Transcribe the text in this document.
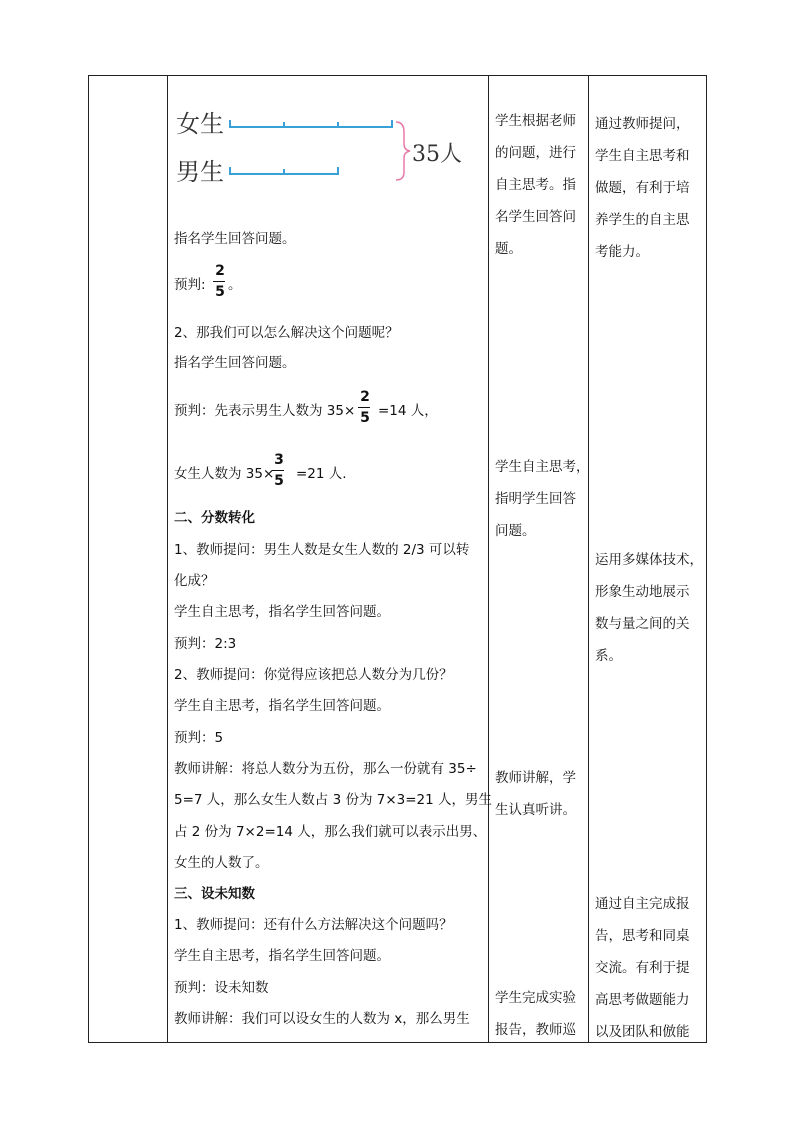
女生
男生
35人
指名学生回答问题。
预判:
2
5 。
2、那我们可以怎么解决这个问题呢？
指名学生回答问题。
预判：先表示男生人数为 35×
2
5 =14 人，
女生人数为 35×
3
5 =21 人.
二、分数转化
1、教师提问：男生人数是女生人数的 2/3 可以转
化成？
学生自主思考，指名学生回答问题。
预判：2:3
2、教师提问：你觉得应该把总人数分为几份？
学生自主思考，指名学生回答问题。
预判：5
教师讲解：将总人数分为五份，那么一份就有 35÷
5=7 人，那么女生人数占 3 份为 7×3=21 人，男生
占 2 份为 7×2=14 人，那么我们就可以表示出男、
女生的人数了。
三、设未知数
1、教师提问：还有什么方法解决这个问题吗？
学生自主思考，指名学生回答问题。
预判：设未知数
教师讲解：我们可以设女生的人数为 x，那么男生
学生根据老师
的问题，进行
自主思考。指
名学生回答问
题。
学生自主思考，
指明学生回答
问题。
教师讲解，学
生认真听讲。
学生完成实验
报告，教师巡
通过教师提问，
学生自主思考和
做题，有利于培
养学生的自主思
考能力。
运用多媒体技术，
形象生动地展示
数与量之间的关
系。
通过自主完成报
告，思考和同桌
交流。有利于提
高思考做题能力
以及团队和倣能
